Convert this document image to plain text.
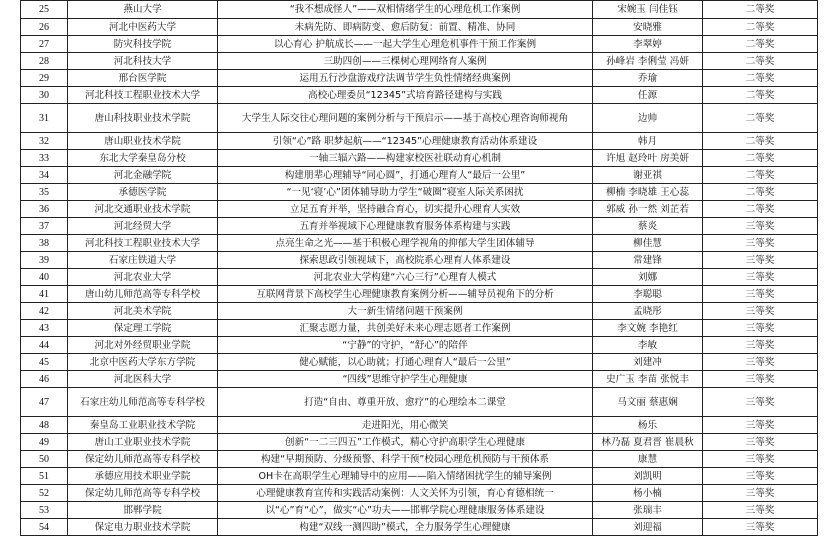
25	燕山大学	“我不想成怪人”——双相情绪学生的心理危机工作案例	宋婉玉 闫佳钰	二等奖
26	河北中医药大学	未病先防、即病防变、愈后防复：前置、精准、协同	安晓雅	二等奖
27	防灾科技学院	以心育心 护航成长——一起大学生心理危机事件干预工作案例	李翠婷	二等奖
28	河北科技大学	三助四创——三棵树心理网络育人案例	孙峰岩 李俐莹 冯妍	二等奖
29	邢台医学院	运用五行沙盘游戏疗法调节学生负性情绪经典案例	乔瑜	二等奖
30	河北科技工程职业技术大学	高校心理委员“12345”式培育路径建构与实践	任源	二等奖
31	唐山科技职业技术学院	大学生人际交往心理问题的案例分析与干预启示——基于高校心理咨询师视角	边帅	二等奖
32	唐山职业技术学院	引领“心”路 职梦起航——“12345”心理健康教育活动体系建设	韩月	二等奖
33	东北大学秦皇岛分校	一轴三辐六路——构建家校医社联动育心机制	许旭 赵玲叶 房美妍	二等奖
34	河北金融学院	构建朋辈心理辅导“同心圆”，打通心理育人“最后一公里”	谢亚祺	二等奖
35	承德医学院	“一见‘寝’心”团体辅导助力学生“破圈”寝室人际关系困扰	柳楠 李晓雄 王心蕊	二等奖
36	河北交通职业技术学院	立足五育并举，坚持融合育心，切实提升心理育人实效	郭威 孙一然 刘芷若	二等奖
37	河北经贸大学	五育并举视域下心理健康教育服务体系构建与实践	蔡炎	三等奖
38	河北科技工程职业技术大学	点亮生命之光——基于积极心理学视角的抑郁大学生团体辅导	柳佳慧	三等奖
39	石家庄铁道大学	探索思政引领视域下，高校院系心理育人体系建设	常建锋	三等奖
40	河北农业大学	河北农业大学构建“六心三行”心理育人模式	刘娜	三等奖
41	唐山幼儿师范高等专科学校	互联网背景下高校学生心理健康教育案例分析——辅导员视角下的分析	李聪聪	三等奖
42	河北美术学院	大一新生情绪问题干预案例	孟晓彤	三等奖
43	保定理工学院	汇聚志愿力量，共创美好未来心理志愿者工作案例	李文婉 李艳红	三等奖
44	河北对外经贸职业学院	“宁静”的守护，“舒心”的陪伴	李敏	三等奖
45	北京中医药大学东方学院	健心赋能，以心助就；打通心理育人“最后一公里”	刘建冲	三等奖
46	河北医科大学	“四线”思维守护学生心理健康	史广玉 李苗 张悦丰	三等奖
47	石家庄幼儿师范高等专科学校	打造“自由、尊重开放、愈疗”的心理绘本二课堂	马文丽 蔡惠娴	三等奖
48	秦皇岛工业职业技术学院	走进阳光，用心微笑	杨乐	三等奖
49	唐山工业职业技术学院	创新“一二三四五”工作模式，精心守护高职学生心理健康	林乃磊 夏君晋 崔晨秋	三等奖
50	保定幼儿师范高等专科学校	构建“早期预防、分级预警、科学干预”校园心理危机预防与干预体系	康慧	三等奖
51	承德应用技术职业学院	OH卡在高职学生心理辅导中的应用——陷入情绪困扰学生的辅导案例	刘凯明	三等奖
52	保定幼儿师范高等专科学校	心理健康教育宣传和实践活动案例：人文关怀为引领，育心育德相统一	杨小楠	三等奖
53	邯郸学院	以“心”育“心”，做实“心”功夫——邯郸学院心理健康服务体系建设	张瑞丰	三等奖
54	保定电力职业技术学院	构建“双线一测四助”模式，全力服务学生心理健康	刘迎福	三等奖
